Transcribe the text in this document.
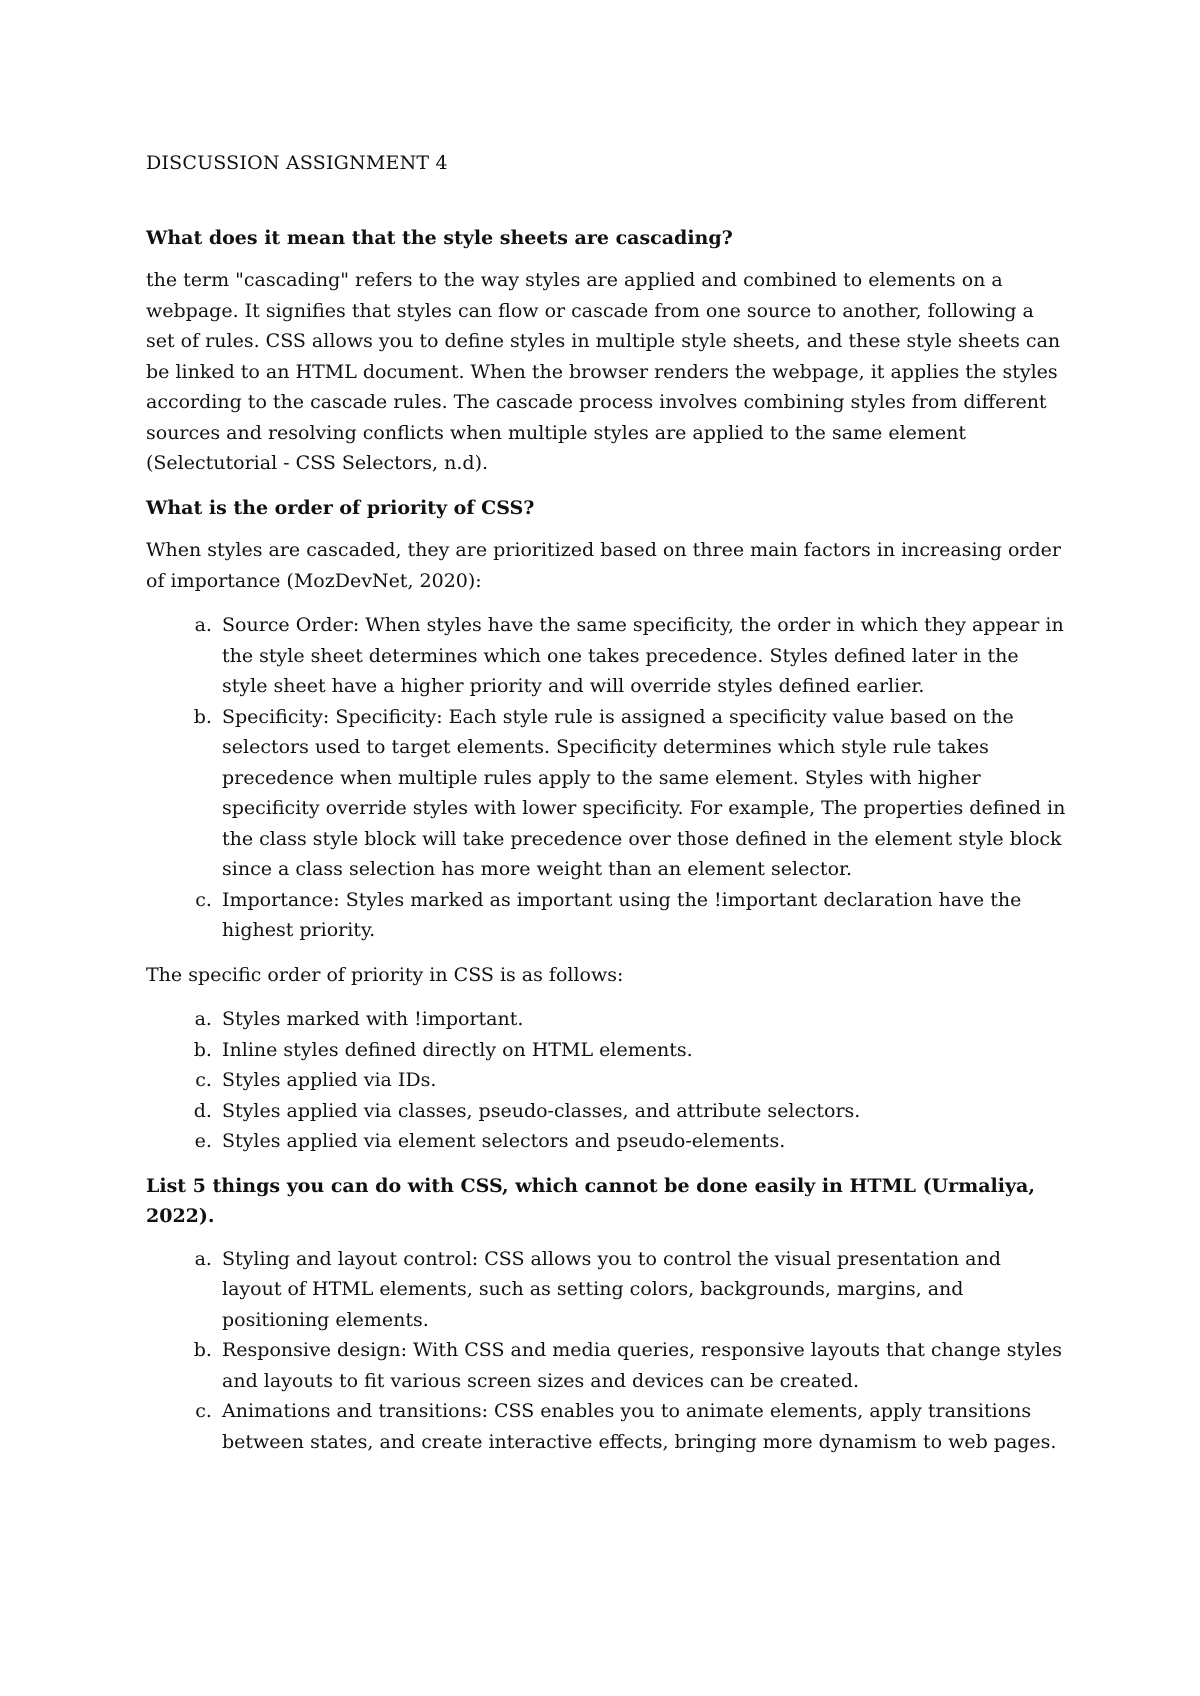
DISCUSSION ASSIGNMENT 4
What does it mean that the style sheets are cascading?
the term "cascading" refers to the way styles are applied and combined to elements on a webpage. It signifies that styles can flow or cascade from one source to another, following a set of rules. CSS allows you to define styles in multiple style sheets, and these style sheets can be linked to an HTML document. When the browser renders the webpage, it applies the styles according to the cascade rules. The cascade process involves combining styles from different sources and resolving conflicts when multiple styles are applied to the same element (Selectutorial - CSS Selectors, n.d).
What is the order of priority of CSS?
When styles are cascaded, they are prioritized based on three main factors in increasing order of importance (MozDevNet, 2020):
a. Source Order: When styles have the same specificity, the order in which they appear in the style sheet determines which one takes precedence. Styles defined later in the style sheet have a higher priority and will override styles defined earlier.
b. Specificity: Specificity: Each style rule is assigned a specificity value based on the selectors used to target elements. Specificity determines which style rule takes precedence when multiple rules apply to the same element. Styles with higher specificity override styles with lower specificity. For example, The properties defined in the class style block will take precedence over those defined in the element style block since a class selection has more weight than an element selector.
c. Importance: Styles marked as important using the !important declaration have the highest priority.
The specific order of priority in CSS is as follows:
a. Styles marked with !important.
b. Inline styles defined directly on HTML elements.
c. Styles applied via IDs.
d. Styles applied via classes, pseudo-classes, and attribute selectors.
e. Styles applied via element selectors and pseudo-elements.
List 5 things you can do with CSS, which cannot be done easily in HTML (Urmaliya, 2022).
a. Styling and layout control: CSS allows you to control the visual presentation and layout of HTML elements, such as setting colors, backgrounds, margins, and positioning elements.
b. Responsive design: With CSS and media queries, responsive layouts that change styles and layouts to fit various screen sizes and devices can be created.
c. Animations and transitions: CSS enables you to animate elements, apply transitions between states, and create interactive effects, bringing more dynamism to web pages.
